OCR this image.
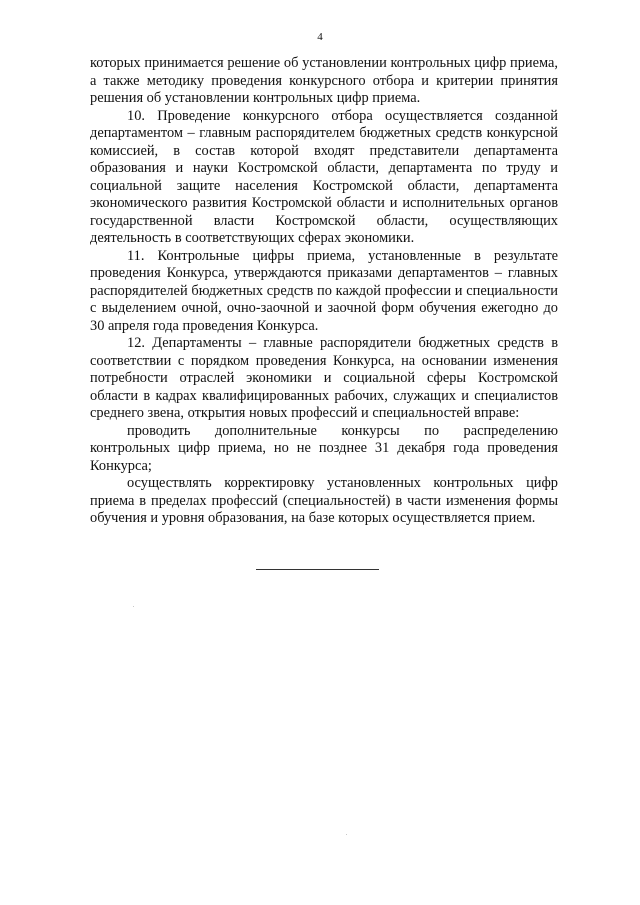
4

которых принимается решение об установлении контрольных цифр приема, а также методику проведения конкурсного отбора и критерии принятия решения об установлении контрольных цифр приема.

10. Проведение конкурсного отбора осуществляется созданной департаментом – главным распорядителем бюджетных средств конкурсной комиссией, в состав которой входят представители департамента образования и науки Костромской области, департамента по труду и социальной защите населения Костромской области, департамента экономического развития Костромской области и исполнительных органов государственной власти Костромской области, осуществляющих деятельность в соответствующих сферах экономики.

11. Контрольные цифры приема, установленные в результате проведения Конкурса, утверждаются приказами департаментов – главных распорядителей бюджетных средств по каждой профессии и специальности с выделением очной, очно-заочной и заочной форм обучения ежегодно до 30 апреля года проведения Конкурса.

12. Департаменты – главные распорядители бюджетных средств в соответствии с порядком проведения Конкурса, на основании изменения потребности отраслей экономики и социальной сферы Костромской области в кадрах квалифицированных рабочих, служащих и специалистов среднего звена, открытия новых профессий и специальностей вправе:

проводить дополнительные конкурсы по распределению контрольных цифр приема, но не позднее 31 декабря года проведения Конкурса;

осуществлять корректировку установленных контрольных цифр приема в пределах профессий (специальностей) в части изменения формы обучения и уровня образования, на базе которых осуществляется прием.
